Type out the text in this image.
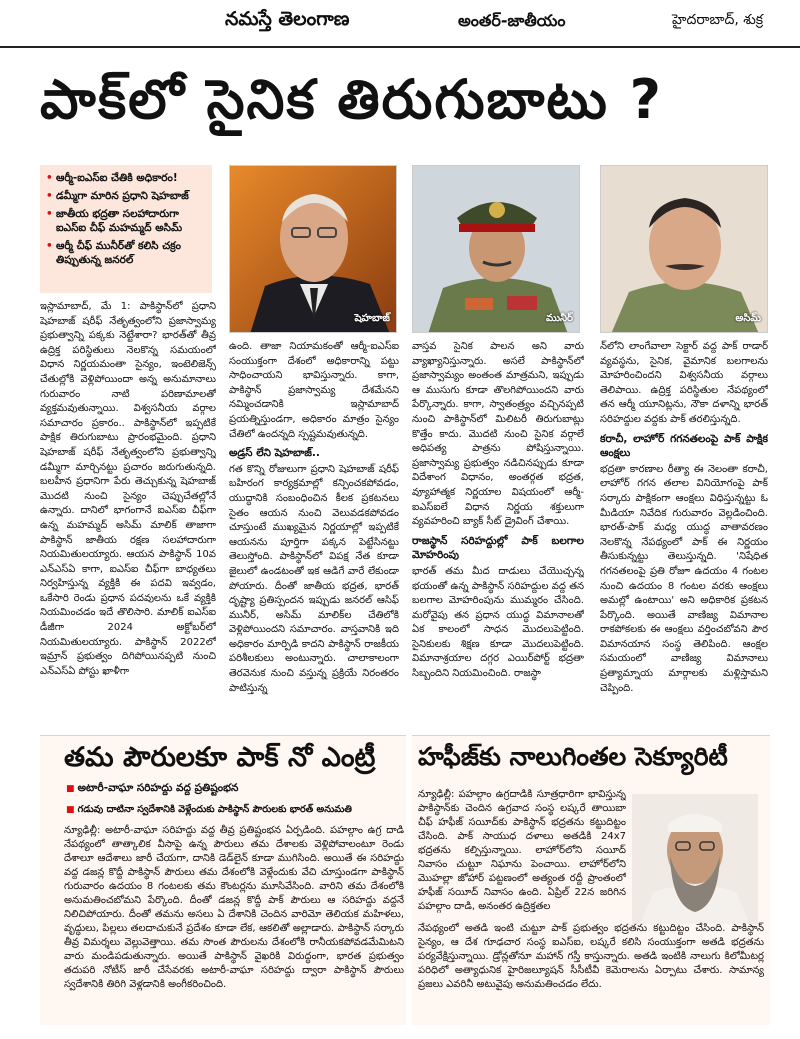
నమస్తే తెలంగాణ	అంతర్-జాతీయం	హైదరాబాద్, శుక్ర
పాక్‌లో సైనిక తిరుగుబాటు ?
• ఆర్మీ-ఐఎస్ఐ చేతికి అధికారం!
• డమ్మీగా మారిన ప్రధాని షెహబాజ్
• జాతీయ భద్రతా సలహాదారుగా ఐఎస్ఐ చీఫ్ మహమ్మద్ అసిమ్
• ఆర్మీ చీఫ్ మునీర్‌తో కలిసి చక్రం తిప్పుతున్న జనరల్
షెహబాజ్	మునీర్	అసిమ్

ఇస్లామాబాద్, మే 1: పాకిస్థాన్‌లో ప్రధాని షెహబాజ్ షరీఫ్ నేతృత్వంలోని ప్రజాస్వామ్య ప్రభుత్వాన్ని పక్కకు నెట్టేశారా? భారత్‌తో తీవ్ర ఉద్రిక్త పరిస్థితులు నెలకొన్న సమయంలో విధాన నిర్ణయమంతా సైన్యం, ఇంటెలిజెన్స్ చేతుల్లోకి వెళ్లిపోయిందా అన్న అనుమానాలు గురువారం నాటి పరిణామాలతో వ్యక్తమవుతున్నాయి. విశ్వసనీయ వర్గాల సమాచారం ప్రకారం.. పాకిస్థాన్‌లో ఇప్పటికే పాక్షిక తిరుగుబాటు ప్రారంభమైంది. ప్రధాని షెహబాజ్ షరీఫ్ నేతృత్వంలోని ప్రభుత్వాన్ని డమ్మీగా మార్చినట్టు ప్రచారం జరుగుతున్నది. బలహీన ప్రధానిగా పేరు తెచ్చుకున్న షెహబాజ్ మొదటి నుంచి సైన్యం చెప్పుచేతల్లోనే ఉన్నారు. దానిలో భాగంగానే ఐఎస్ఐ చీఫ్‌గా ఉన్న మహమ్మద్ అసిమ్ మాలిక్ తాజాగా పాకిస్థాన్ జాతీయ రక్షణ సలహాదారుగా నియమితులయ్యారు. ఆయన పాకిస్థాన్ 10వ ఎన్ఎస్ఏ కాగా, ఐఎస్ఐ చీఫ్‌గా బాధ్యతలు నిర్వహిస్తున్న వ్యక్తికి ఈ పదవి ఇవ్వడం, ఒకేసారి రెండు ప్రధాన పదవులను ఒకే వ్యక్తికి నియమించడం ఇదే తొలిసారి. మాలిక్ ఐఎస్ఐ డీజీగా 2024 అక్టోబర్‌లో నియమితులయ్యారు. పాకిస్థాన్ 2022లో ఇమ్రాన్ ప్రభుత్వం దిగిపోయినప్పటి నుంచి ఎన్ఎస్ఏ పోస్టు ఖాళీగా

ఉంది. తాజా నియామకంతో ఆర్మీ-ఐఎస్ఐ సంయుక్తంగా దేశంలో అధికారాన్ని పట్టు సాధించాయని భావిస్తున్నారు. కాగా, పాకిస్థాన్ ప్రజాస్వామ్య దేశమేనని నమ్మించడానికి ఇస్లామాబాద్ ప్రయత్నిస్తుండగా, అధికారం మాత్రం సైన్యం చేతిలో ఉందన్నది స్పష్టమవుతున్నది.

అడ్రస్ లేని షెహబాజ్..

గత కొన్ని రోజులుగా ప్రధాని షెహబాజ్ షరీఫ్ బహిరంగ కార్యక్రమాల్లో కన్పించకపోవడం, యుద్ధానికి సంబంధించిన కీలక ప్రకటనలు సైతం ఆయన నుంచి వెలువడకపోవడం చూస్తుంటే ముఖ్యమైన నిర్ణయాల్లో ఇప్పటికే ఆయనను పూర్తిగా పక్కన పెట్టేసినట్టు తెలుస్తోంది. పాకిస్థాన్‌లో విపక్ష నేత కూడా జైలులో ఉండటంతో ఇక ఆడిగే వారే లేకుండా పోయారు. దీంతో జాతీయ భద్రత, భారత్ దృష్ట్యా ప్రతిస్పందన ఇప్పుడు జనరల్ ఆసిఫ్ మునీర్, అసిమ్ మాలిక్‌ల చేతిలోకి వెళ్లిపోయిందని సమాచారం. వాస్తవానికి ఇది అధికారం మార్పిడి కాదని పాకిస్థాన్ రాజకీయ పరిశీలకులు అంటున్నారు. చాలాకాలంగా తెరవెనుక నుంచి వస్తున్న ప్రక్రియే నిరంతరం పాటిస్తున్న

వాస్తవ సైనిక పాలన అని వారు వ్యాఖ్యానిస్తున్నారు. అసలే పాకిస్థాన్‌లో ప్రజాస్వామ్యం అంతంత మాత్రమని, ఇప్పుడు ఆ ముసుగు కూడా తొలగిపోయిందని వారు పేర్కొన్నారు. కాగా, స్వాతంత్ర్యం వచ్చినప్పటి నుంచి పాకిస్థాన్‌లో మిలిటరీ తిరుగుబాట్లు కొత్తేం కాదు. మొదటి నుంచి సైనిక వర్గాలే అధిపత్య పాత్రను పోషిస్తున్నాయి. ప్రజాస్వామ్య ప్రభుత్వం నడిచినప్పుడు కూడా విదేశాంగ విధానం, అంతర్గత భద్రత, వ్యూహాత్మక నిర్ణయాల విషయంలో ఆర్మీ-ఐఎస్ఐలే విధాన నిర్ణయ శక్తులుగా వ్యవహరించి బ్యాక్ సీట్ డ్రైవింగ్ చేశాయి.

రాజస్థాన్ సరిహద్దుల్లో పాక్ బలగాల మోహరింపు

భారత్ తమ మీద దాడులు చేయొచ్చన్న భయంతో ఉన్న పాకిస్థాన్ సరిహద్దుల వద్ద తన బలగాల మోహరింపును ముమ్మరం చేసింది. మరోవైపు తన ప్రధాన యుద్ధ విమానాలతో ఏక కాలంలో సాధన మొదలుపెట్టింది. సైనికులకు శిక్షణ కూడా మొదలుపెట్టింది. విమానాశ్రయాల దగ్గర ఎయిర్‌పోర్ట్ భద్రతా సిబ్బందిని నియమించింది. రాజస్థా

న్‌లోని లాంగేవాలా సెక్టార్ వద్ద పాక్ రాడార్ వ్యవస్థను, సైనిక, వైమానిక బలగాలను మోహరించిందని విశ్వసనీయ వర్గాలు తెలిపాయి. ఉద్రిక్త పరిస్థితుల నేపథ్యంలో తన ఆర్మీ యూనిట్లను, నౌకా దళాన్ని భారత్ సరిహద్దుల వద్దకు పాక్ తరలిస్తున్నది.

కరాచీ, లాహోర్ గగనతలంపై పాక్ పాక్షిక ఆంక్షలు

భద్రతా కారణాల రీత్యా ఈ నెలంతా కరాచీ, లాహోర్ గగన తలాల వినియోగంపై పాక్ సర్కారు పాక్షికంగా ఆంక్షలు విధిస్తున్నట్టు ఓ మీడియా నివేదిక గురువారం వెల్లడించింది. భారత్-పాక్ మధ్య యుద్ధ వాతావరణం నెలకొన్న నేపథ్యంలో పాక్ ఈ నిర్ణయం తీసుకున్నట్టు తెలుస్తున్నది. 'నిషేధిత గగనతలంపై ప్రతి రోజూ ఉదయం 4 గంటల నుంచి ఉదయం 8 గంటల వరకు ఆంక్షలు అమల్లో ఉంటాయి' అని అధికారిక ప్రకటన పేర్కొంది. అయితే వాణిజ్య విమానాల రాకపోకలకు ఈ ఆంక్షలు వర్తించబోవని పౌర విమానయాన సంస్థ తెలిపింది. ఆంక్షల సమయంలో వాణిజ్య విమానాలు ప్రత్యామ్నాయ మార్గాలకు మళ్లిస్తామని చెప్పింది.

తమ పౌరులకూ పాక్ నో ఎంట్రీ
■ అటారీ-వాఘా సరిహద్దు వద్ద ప్రతిష్టంభన
■ గడువు దాటినా స్వదేశానికి వెళ్లేందుకు పాకిస్థాన్ పౌరులకు భారత్ అనుమతి

న్యూఢిల్లీ: అటారీ-వాఘా సరిహద్దు వద్ద తీవ్ర ప్రతిష్టంభన ఏర్పడింది. పహల్గాం ఉగ్ర దాడి నేపథ్యంలో తాత్కాలిక వీసాపై ఉన్న పౌరులు తమ దేశాలకు వెళ్లిపోవాలంటూ రెండు దేశాలూ ఆదేశాలు జారీ చేయగా, దానికి డెడ్‌లైన్ కూడా ముగిసింది. అయితే ఈ సరిహద్దు వద్ద డజన్ల కొద్దీ పాకిస్థాన్ పౌరులు తమ దేశంలోకి వెళ్లేందుకు వేచి చూస్తుండగా పాకిస్థాన్ గురువారం ఉదయం 8 గంటలకు తమ కౌంటర్లను మూసివేసింది. వారిని తమ దేశంలోకి అనుమతించబోమని పేర్కొంది. దీంతో డజన్ల కొద్దీ పాక్ పౌరులు ఆ సరిహద్దు వద్దనే నిలిచిపోయారు. దీంతో తమను అసలు ఏ దేశానికి చెందిన వారిమో తెలియక మహిళలు, వృద్ధులు, పిల్లలు తలదాచుకునే ప్రదేశం కూడా లేక, ఆకలితో అల్లాడారు. పాకిస్థాన్ సర్కారు తీవ్ర విమర్శలు వెల్లువెత్తాయి. తమ సొంత పౌరులను దేశంలోకి రానీయకపోవడమేమిటని వారు మండిపడుతున్నారు. అయితే పాకిస్థాన్ వైఖరికి విరుద్ధంగా, భారత ప్రభుత్వం తదుపరి నోటీస్ జారీ చేసేవరకు అటారీ-వాఘా సరిహద్దు ద్వారా పాకిస్థాన్ పౌరులు స్వదేశానికి తిరిగి వెళ్లడానికి అంగీకరించింది.

హఫీజ్‌కు నాలుగింతల సెక్యూరిటీ

న్యూఢిల్లీ: పహల్గాం ఉగ్రదాడికి సూత్రధారిగా భావిస్తున్న పాకిస్థాన్‌కు చెందిన ఉగ్రవాద సంస్థ లష్కరే తాయిబా చీఫ్ హఫీజ్ సయీద్‌కు పాకిస్థాన్ భద్రతను కట్టుదిట్టం చేసింది. పాక్ సాయుధ దళాలు అతడికి 24x7 భద్రతను కల్పిస్తున్నాయి. లాహోర్‌లోని సయీద్ నివాసం చుట్టూ నిఘాను పెంచాయి. లాహోర్‌లోని మొహల్లా జోహార్ పట్టణంలో అత్యంత రద్దీ ప్రాంతంలో హఫీజ్ సయీద్ నివాసం ఉంది. ఏప్రిల్ 22న జరిగిన పహల్గాం దాడి, అనంతర ఉద్రిక్తతల

నేపథ్యంలో అతడి ఇంటి చుట్టూ పాక్ ప్రభుత్వం భద్రతను కట్టుదిట్టం చేసింది. పాకిస్థాన్ సైన్యం, ఆ దేశ గూఢచార సంస్థ ఐఎస్ఐ, లష్కరే కలిసి సంయుక్తంగా అతడి భద్రతను పర్యవేక్షిస్తున్నాయి. డ్రోన్లతోనూ మహాన్ గస్తీ కాస్తున్నారు. అతడి ఇంటికి నాలుగు కిలోమీటర్ల పరిధిలో అత్యాధునిక హైరిజల్యూషన్ సీసీటీవీ కెమెరాలను ఏర్పాటు చేశారు. సామాన్య ప్రజలు ఎవరినీ అటువైపు అనుమతించడం లేదు.
